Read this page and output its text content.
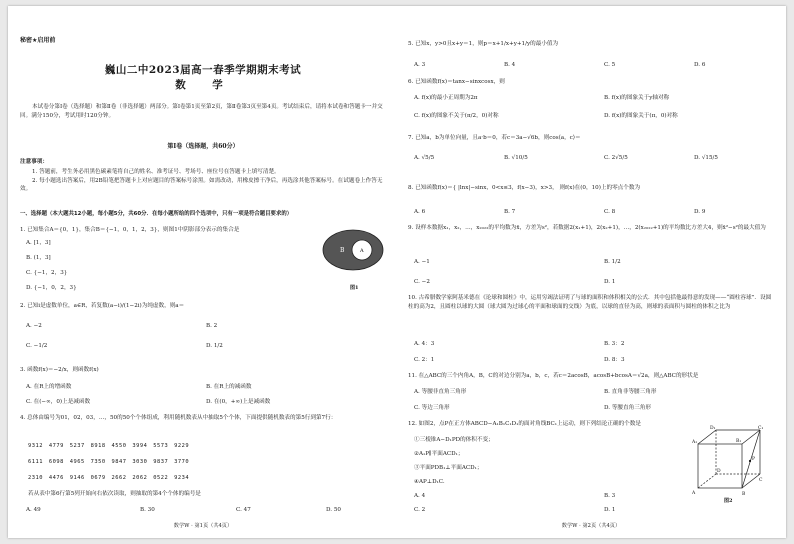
秘密★启用前
巍山二中2023届高一春季学期期末考试
数　学
本试卷分第Ⅰ卷（选择题）和第Ⅱ卷（非选择题）两部分。第Ⅰ卷第1页至第2页，第Ⅱ卷第3页至第4页。考试结束后，请将本试卷和答题卡一并交回。满分150分，考试用时120分钟。
第Ⅰ卷（选择题，共60分）
注意事项：
1. 答题前，考生务必用黑色碳素笔将自己的姓名、准考证号、考场号、座位号在答题卡上填写清楚。
2. 每小题选出答案后，用2B铅笔把答题卡上对应题目的答案标号涂黑。如需改动，用橡皮擦干净后，再选涂其他答案标号。在试题卷上作答无效。
一、选择题（本大题共12小题，每小题5分，共60分．在每小题所给的四个选项中，只有一项是符合题目要求的）
1. 已知集合A＝{0，1}，集合B＝{−1，0，1，2，3}，则图1中阴影部分表示的集合是
A. [1，3]
B. (1，3]
C. {−1，2，3}
D. {−1，0，2，3}
B	A
图1
2. 已知i是虚数单位，a∈R，若复数(a−i)/(1−2i)为纯虚数，则a＝
A. −2	B. 2
C. −1/2	D. 1/2
3. 函数f(x)＝−2/x，则函数f(x)
A. 在R上的增函数	B. 在R上的减函数
C. 在(−∞，0)上是减函数	D. 在(0，+∞)上是减函数
4. 总体由编号为01，02，03，…，50的50个个体组成，利用随机数表从中抽取5个个体，下面提供随机数表的第5行到第7行：
9312　4779　5237　8918　4550　3994　5573　9229
6111　6098　4965　7350　9847　3030　9837　3770
2310　4476　9146　0679　2662　2062　0522　9234
若从表中第6行第5列开始向右依次读取，则抽取的第4个个体的编号是
A. 49	B. 30	C. 47	D. 50
数学W · 第1页（共4页）
5. 已知x，y>0且x+y＝1，则p＝x+1/x+y+1/y的最小值为
A. 3	B. 4	C. 5	D. 6
6. 已知函数f(x)＝tanx−sinxcosx，则
A. f(x)的最小正周期为2π	B. f(x)的图象关于y轴对称
C. f(x)的图象不关于(π/2，0)对称	D. f(x)的图象关于(π，0)对称
7. 已知a，b为单位向量，且a·b＝0，若c＝3a−√6b，则cos⟨a，c⟩＝
A. √5/5	B. √10/5	C. 2√5/5	D. √15/5
8. 已知函数f(x)＝{ |lnx|−sinx，0<x≤3，f(x−3)，x>3， 则f(x)在(0，10)上的零点个数为
A. 6	B. 7	C. 8	D. 9
9. 设样本数据x₁，x₂，…，x₂₀₂₂的平均数为x̄，方差为s²，若数据2(x₁+1)，2(x₂+1)，…，2(x₂₀₂₂+1)的平均数比方差大4，则x̄²−s²的最大值为
A. −1	B. 1/2
C. −2	D. 1
10. 古希腊数学家阿基米德在《论球和圆柱》中，运用穷竭法证明了与球的面积和体积相关的公式．其中包括他最得意的发现——“圆柱容球”．设圆柱的高为2，且圆柱以球的大圆（球大圆为过球心的平面和球面的交线）为底，以球的直径为高，则球的表面积与圆柱的体积之比为
A. 4：3	B. 3：2
C. 2：1	D. 8：3
11. 在△ABC的三个内角A，B，C的对边分别为a，b，c，若c＝2acosB，acosB+bcosA＝√2a，则△ABC的形状是
A. 等腰非直角三角形	B. 直角非等腰三角形
C. 等边三角形	D. 等腰直角三角形
12. 如图2，点P在正方体ABCD−A₁B₁C₁D₁的面对角线BC₁上运动，则下列结论正确的个数是
①三棱锥A−D₁PD的体积不变；
②A₁P∥平面ACD₁；
③平面PDB₁⊥平面ACD₁；
④AP⊥D₁C.
A. 4	B. 3
C. 2	D. 1
A₁	B₁
C₁
D₁
A	B
C
D
P
图2
数学W · 第2页（共4页）
